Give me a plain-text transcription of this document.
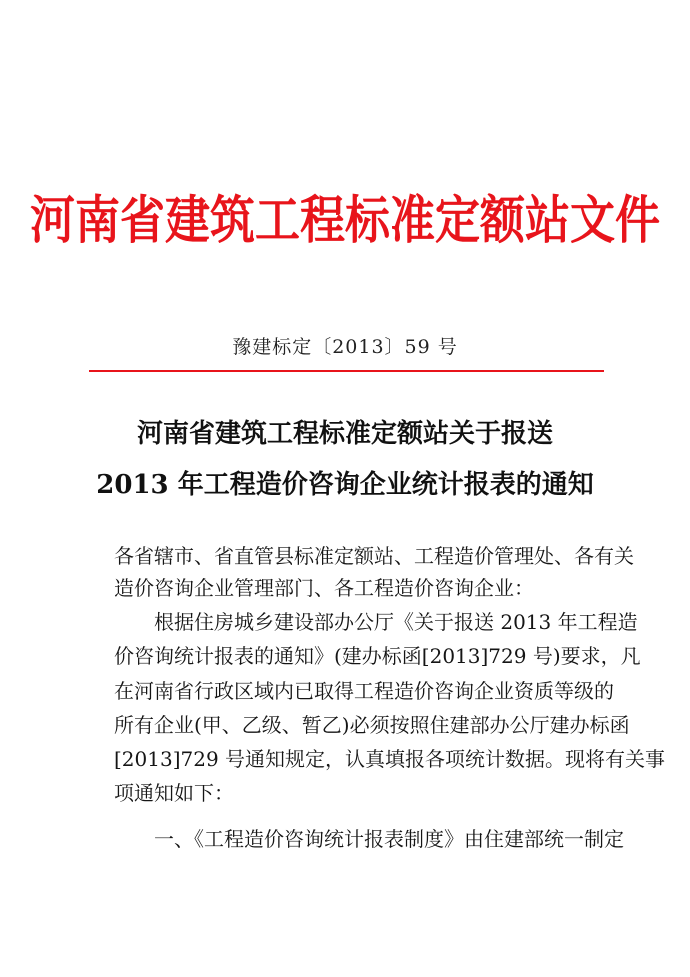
河南省建筑工程标准定额站文件
豫建标定〔2013〕59 号
河南省建筑工程标准定额站关于报送
2013 年工程造价咨询企业统计报表的通知
各省辖市、省直管县标准定额站、工程造价管理处、各有关
造价咨询企业管理部门、各工程造价咨询企业：
根据住房城乡建设部办公厅《关于报送 2013 年工程造
价咨询统计报表的通知》(建办标函[2013]729 号)要求，凡
在河南省行政区域内已取得工程造价咨询企业资质等级的
所有企业(甲、乙级、暂乙)必须按照住建部办公厅建办标函
[2013]729 号通知规定，认真填报各项统计数据。现将有关事
项通知如下：
一、《工程造价咨询统计报表制度》由住建部统一制定
